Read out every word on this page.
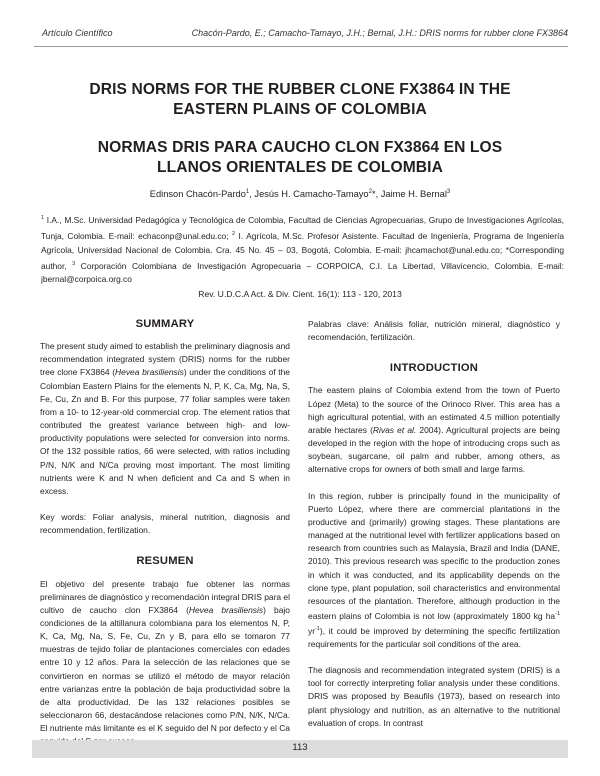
Artículo Científico	Chacón-Pardo, E.; Camacho-Tamayo, J.H.; Bernal, J.H.: DRIS norms for rubber clone FX3864
DRIS NORMS FOR THE RUBBER CLONE FX3864 IN THE
EASTERN PLAINS OF COLOMBIA
NORMAS DRIS PARA CAUCHO CLON FX3864 EN LOS
LLANOS ORIENTALES DE COLOMBIA
Edinson Chacón-Pardo$^1$, Jesús H. Camacho-Tamayo$^2$*, Jaime H. Bernal$^3$
$^1$ I.A., M.Sc. Universidad Pedagógica y Tecnológica de Colombia, Facultad de Ciencias Agropecuarias, Grupo de Investigaciones Agrícolas, Tunja, Colombia. E-mail: echaconp@unal.edu.co; $^2$ I. Agrícola, M.Sc. Profesor Asistente. Facultad de Ingeniería, Programa de Ingeniería Agrícola, Universidad Nacional de Colombia. Cra. 45 No. 45 – 03, Bogotá, Colombia. E-mail: jhcamachot@unal.edu.co; *Corresponding author, $^3$ Corporación Colombiana de Investigación Agropecuaria – CORPOICA, C.I. La Libertad, Villavicencio, Colombia. E-mail: jbernal@corpoica.org.co
Rev. U.D.C.A Act. & Div. Cient. 16(1): 113 - 120, 2013
SUMMARY

The present study aimed to establish the preliminary diagnosis and recommendation integrated system (DRIS) norms for the rubber tree clone FX3864 (Hevea brasiliensis) under the conditions of the Colombian Eastern Plains for the elements N, P, K, Ca, Mg, Na, S, Fe, Cu, Zn and B. For this purpose, 77 foliar samples were taken from a 10- to 12-year-old commercial crop. The element ratios that contributed the greatest variance between high- and low- productivity populations were selected for conversion into norms. Of the 132 possible ratios, 66 were selected, with ratios including P/N, N/K and N/Ca proving most important. The most limiting nutrients were K and N when deficient and Ca and S when in excess.

Key words: Foliar analysis, mineral nutrition, diagnosis and recommendation, fertilization.

RESUMEN

El objetivo del presente trabajo fue obtener las normas preliminares de diagnóstico y recomendación integral DRIS para el cultivo de caucho clon FX3864 (Hevea brasiliensis) bajo condiciones de la altillanura colombiana para los elementos N, P, K, Ca, Mg, Na, S, Fe, Cu, Zn y B, para ello se tomaron 77 muestras de tejido foliar de plantaciones comerciales con edades entre 10 y 12 años. Para la selección de las relaciones que se convirtieron en normas se utilizó el método de mayor relación entre varianzas entre la población de baja productividad sobre la de alta productividad. De las 132 relaciones posibles se seleccionaron 66, destacándose relaciones como P/N, N/K, N/Ca. El nutriente más limitante es el K seguido del N por defecto y el Ca

Palabras clave: Análisis foliar, nutrición mineral, diagnóstico y recomendación, fertilización.

INTRODUCTION

The eastern plains of Colombia extend from the town of Puerto López (Meta) to the source of the Orinoco River. This area has a high agricultural potential, with an estimated 4.5 million potentially arable hectares (Rivas et al. 2004). Agricultural projects are being developed in the region with the hope of introducing crops such as soybean, sugarcane, oil palm and rubber, among others, as alternative crops for owners of both small and large farms.

In this region, rubber is principally found in the municipality of Puerto López, where there are commercial plantations in the productive and (primarily) growing stages. These plantations are managed at the nutritional level with fertilizer applications based on research from countries such as Malaysia, Brazil and India (DANE, 2010). This previous research was specific to the production zones in which it was conducted, and its applicability depends on the clone type, plant population, soil characteristics and environmental resources of the plantation. Therefore, although production in the eastern plains of Colombia is not low (approximately 1800 kg $ha^{-1}$ $yr^{-1}$), it could be improved by determining the specific fertilization requirements for the particular soil conditions of the area.

The diagnosis and recommendation integrated system (DRIS) is a tool for correctly interpreting foliar analysis under these conditions. DRIS was proposed by Beaufils (1973), based on research into plant physiology and nutrition, as an alternative to the nutritional evaluation of crops. In contrast

113
